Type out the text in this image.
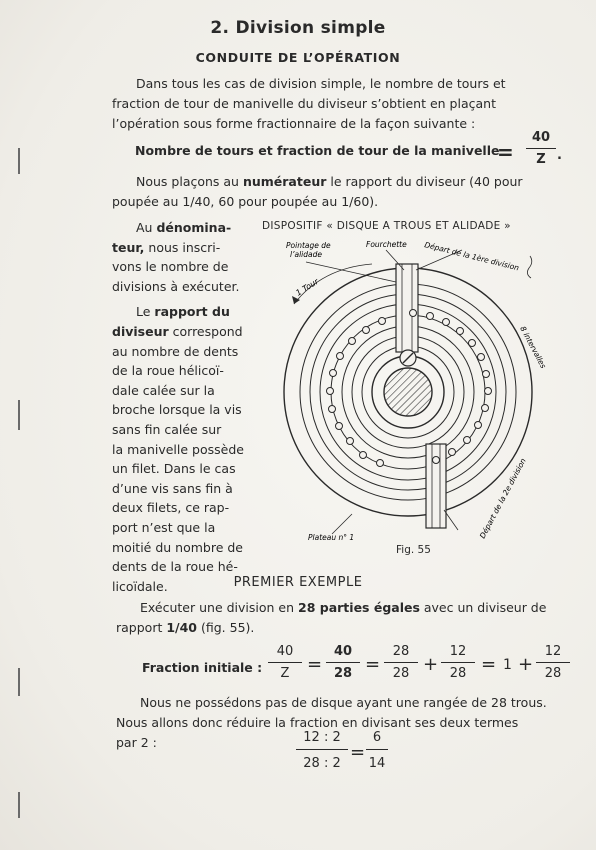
2. Division simple
CONDUITE DE L’OPÉRATION
Dans tous les cas de division simple, le nombre de tours et
fraction de tour de manivelle du diviseur s’obtient en plaçant
l’opération sous forme fractionnaire de la façon suivante :
Nombre de tours et fraction de tour de la manivelle
=
40
Z .
Nous plaçons au numérateur le rapport du diviseur (40 pour
poupée au 1/40, 60 pour poupée au 1/60).
Au dénomina-
teur, nous inscri-
vons le nombre de
divisions à exécuter.
Le rapport du
diviseur correspond
au nombre de dents
de la roue hélicoï-
dale calée sur la
broche lorsque la vis
sans fin calée sur
la manivelle possède
un filet. Dans le cas
d’une vis sans fin à
deux filets, ce rap-
port n’est que la
moitié du nombre de
dents de la roue hé-
licoïdale.
DISPOSITIF « DISQUE A TROUS ET ALIDADE »
Pointage de
l’alidade
Fourchette Départ de la 1ère division
1 Tour
8 intervalles
Plateau n° 1	Départ de la 2e division
Fig. 55
PREMIER EXEMPLE
Exécuter une division en 28 parties égales avec un diviseur de
rapport 1/40 (fig. 55).
Fraction initiale :
40
Z =
40
28 =
28
28 +
12
28 = 1 +
12
28
Nous ne possédons pas de disque ayant une rangée de 28 trous.
Nous allons donc réduire la fraction en divisant ses deux termes
par 2 :	12 : 2
28 : 2
=
6
14
